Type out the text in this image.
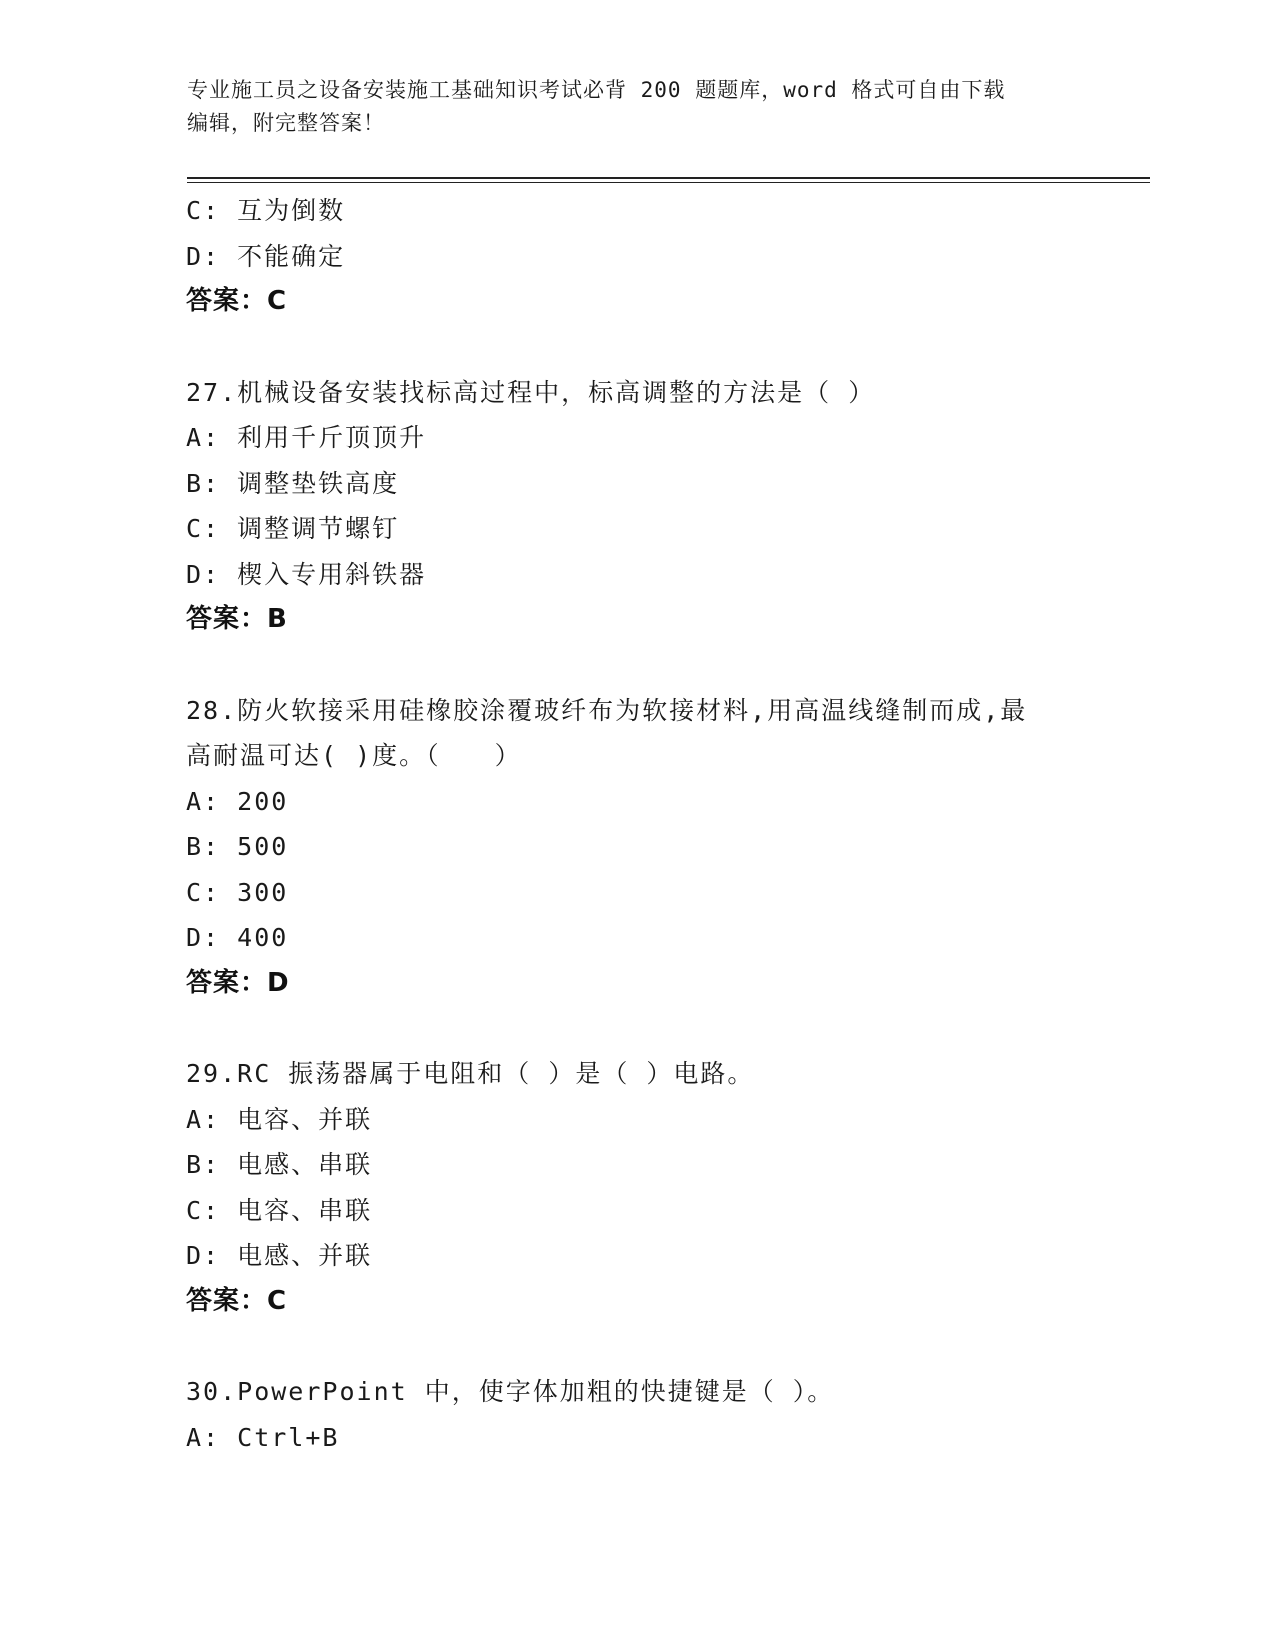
专业施工员之设备安装施工基础知识考试必背 200 题题库，word 格式可自由下载
编辑，附完整答案！
C: 互为倒数
D: 不能确定
答案：C
27.机械设备安装找标高过程中，标高调整的方法是（ ）
A: 利用千斤顶顶升
B: 调整垫铁高度
C: 调整调节螺钉
D: 楔入专用斜铁器
答案：B
28.防火软接采用硅橡胶涂覆玻纤布为软接材料,用高温线缝制而成,最
高耐温可达( )度。（　　）
A: 200
B: 500
C: 300
D: 400
答案：D
29.RC 振荡器属于电阻和（ ）是（ ）电路。
A: 电容、并联
B: 电感、串联
C: 电容、串联
D: 电感、并联
答案：C
30.PowerPoint 中，使字体加粗的快捷键是（ ）。
A: Ctrl+B
